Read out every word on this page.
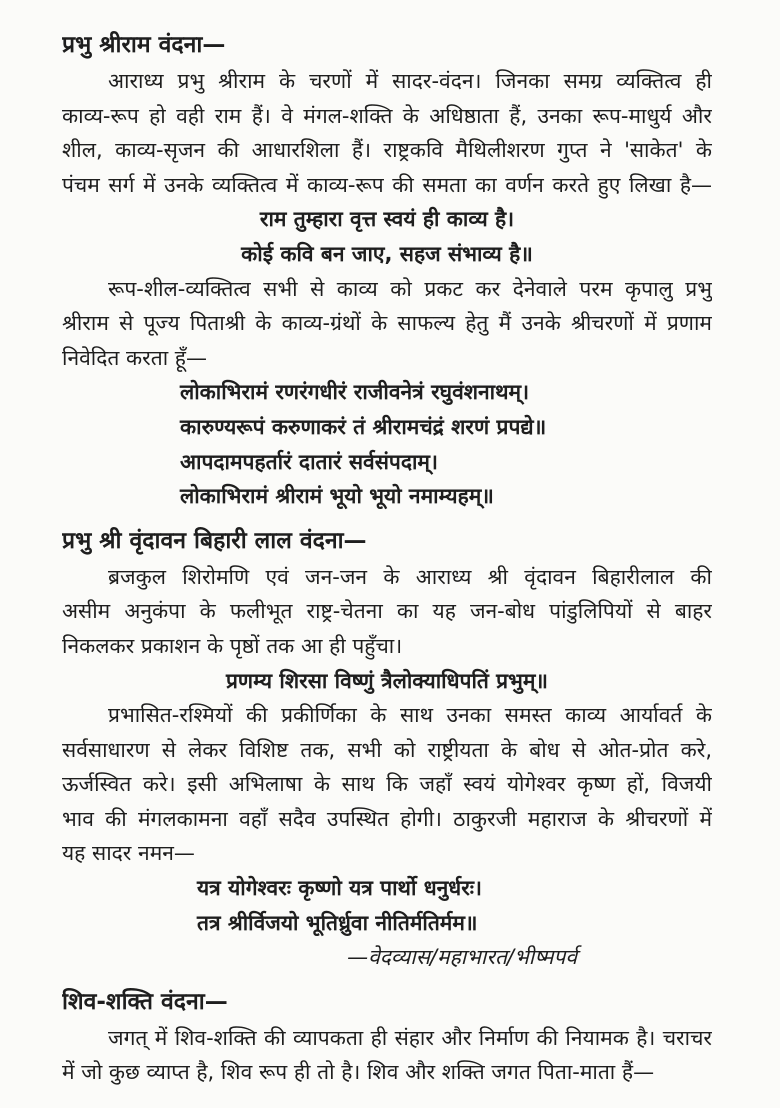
प्रभु श्रीराम वंदना—
आराध्य प्रभु श्रीराम के चरणों में सादर-वंदन। जिनका समग्र व्यक्तित्व ही
काव्य-रूप हो वही राम हैं। वे मंगल-शक्ति के अधिष्ठाता हैं, उनका रूप-माधुर्य और
शील, काव्य-सृजन की आधारशिला हैं। राष्ट्रकवि मैथिलीशरण गुप्त ने 'साकेत' के
पंचम सर्ग में उनके व्यक्तित्व में काव्य-रूप की समता का वर्णन करते हुए लिखा है—
राम तुम्हारा वृत्त स्वयं ही काव्य है।
कोई कवि बन जाए, सहज संभाव्य है॥
रूप-शील-व्यक्तित्व सभी से काव्य को प्रकट कर देनेवाले परम कृपालु प्रभु
श्रीराम से पूज्य पिताश्री के काव्य-ग्रंथों के साफल्य हेतु मैं उनके श्रीचरणों में प्रणाम
निवेदित करता हूँ—
लोकाभिरामं रणरंगधीरं राजीवनेत्रं रघुवंशनाथम्।
कारुण्यरूपं करुणाकरं तं श्रीरामचंद्रं शरणं प्रपद्ये॥
आपदामपहर्तारं दातारं सर्वसंपदाम्।
लोकाभिरामं श्रीरामं भूयो भूयो नमाम्यहम्॥
प्रभु श्री वृंदावन बिहारी लाल वंदना—
ब्रजकुल शिरोमणि एवं जन-जन के आराध्य श्री वृंदावन बिहारीलाल की
असीम अनुकंपा के फलीभूत राष्ट्र-चेतना का यह जन-बोध पांडुलिपियों से बाहर
निकलकर प्रकाशन के पृष्ठों तक आ ही पहुँचा।
प्रणम्य शिरसा विष्णुं त्रैलोक्याधिपतिं प्रभुम्॥
प्रभासित-रश्मियों की प्रकीर्णिका के साथ उनका समस्त काव्य आर्यावर्त के
सर्वसाधारण से लेकर विशिष्ट तक, सभी को राष्ट्रीयता के बोध से ओत-प्रोत करे,
ऊर्जस्वित करे। इसी अभिलाषा के साथ कि जहाँ स्वयं योगेश्वर कृष्ण हों, विजयी
भाव की मंगलकामना वहाँ सदैव उपस्थित होगी। ठाकुरजी महाराज के श्रीचरणों में
यह सादर नमन—
यत्र योगेश्वरः कृष्णो यत्र पार्थो धनुर्धरः।
तत्र श्रीर्विजयो भूतिर्ध्रुवा नीतिर्मतिर्मम॥
—वेदव्यास/महाभारत/भीष्मपर्व
शिव-शक्ति वंदना—
जगत् में शिव-शक्ति की व्यापकता ही संहार और निर्माण की नियामक है। चराचर
में जो कुछ व्याप्त है, शिव रूप ही तो है। शिव और शक्ति जगत पिता-माता हैं—
